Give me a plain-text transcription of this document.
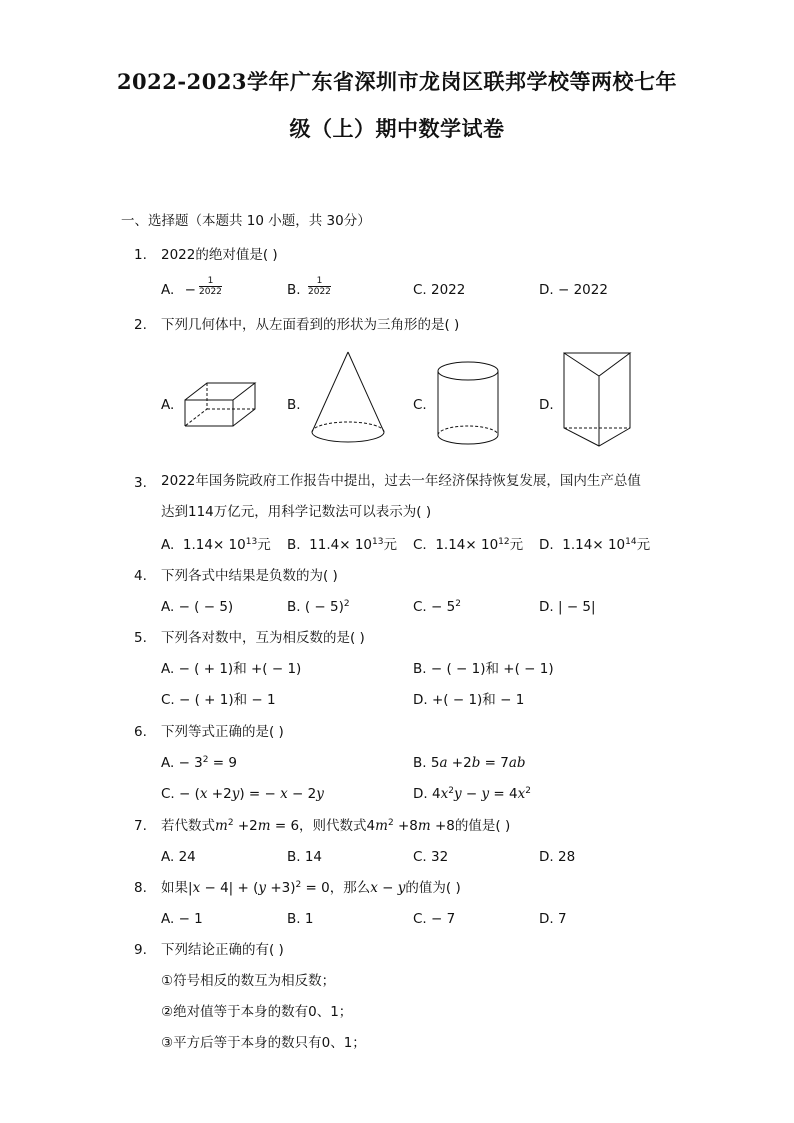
2022-2023学年广东省深圳市龙岗区联邦学校等两校七年
级（上）期中数学试卷
一、选择题（本题共 10 小题，共 30分）
1. 2022的绝对值是( )
A. − $\frac{1}{2022}$	B. $\frac{1}{2022}$	C. 2022	D. − 2022
2. 下列几何体中，从左面看到的形状为三角形的是( )
A.	B.	C.	D.
3. 2022年国务院政府工作报告中提出，过去一年经济保持恢复发展，国内生产总值
达到114万亿元，用科学记数法可以表示为( )
A. $1.14\times 10^{13}$元 B. $11.4\times 10^{13}$元 C. $1.14\times 10^{12}$元 D. $1.14\times 10^{14}$元
4. 下列各式中结果是负数的为( )
A. − ( − 5)	B. ( − 5)$^2$	C. − $5^2$	D. | − 5|
5. 下列各对数中，互为相反数的是( )
A. − ( + 1)和 +( − 1)	B. − ( − 1)和 +( − 1)
C. − ( + 1)和 − 1	D. +( − 1)和 − 1
6. 下列等式正确的是( )
A. − $3^2 = 9$	B. 5a +2b = 7ab
C. − (x +2y) = − x − 2y	D. $4x^2y - y = 4x^2$
7. 若代数式$m^2 +2m = 6$，则代数式$4m^2 +8m +8$的值是( )
A. 24	B. 14	C. 32	D. 28
8. 如果$|x - 4| + (y +3)^2 = 0$，那么x − y的值为( )
A. − 1	B. 1	C. − 7	D. 7
9. 下列结论正确的有( )
①符号相反的数互为相反数；
②绝对值等于本身的数有0、1；
③平方后等于本身的数只有0、1；
